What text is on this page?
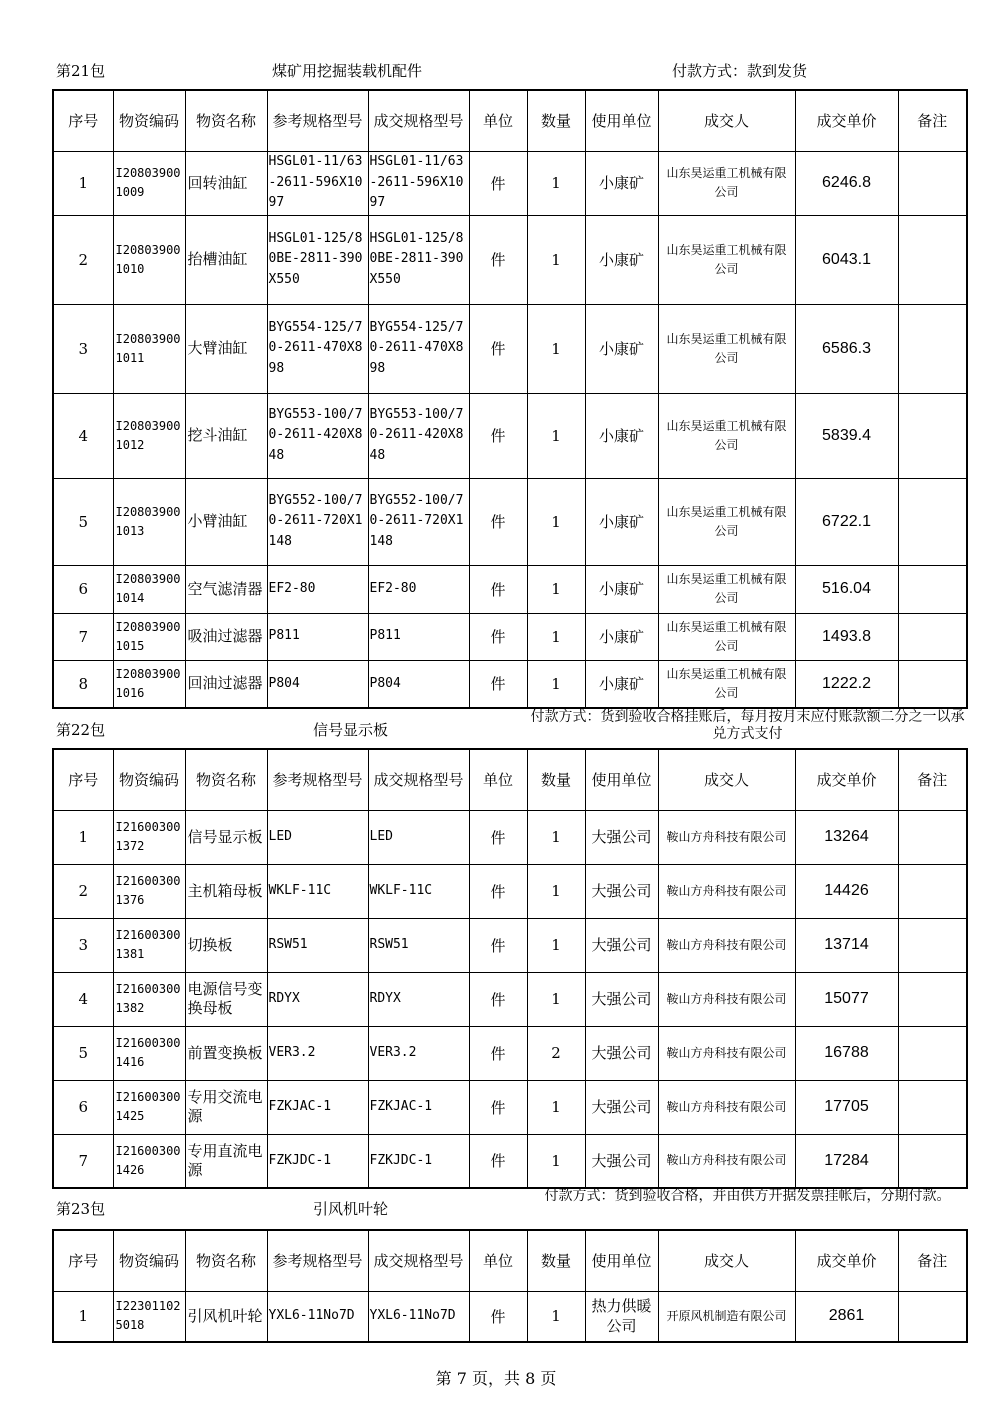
第21包	煤矿用挖掘装载机配件	付款方式：款到发货
序号	物资编码	物资名称	参考规格型号	成交规格型号	单位	数量	使用单位	成交人	成交单价	备注
1	I208039001009	回转油缸	HSGL01-11/63-2611-596X1097	HSGL01-11/63-2611-596X1097	件	1	小康矿	山东昊运重工机械有限公司	6246.8	
2	I208039001010	抬槽油缸	HSGL01-125/80BE-2811-390X550	HSGL01-125/80BE-2811-390X550	件	1	小康矿	山东昊运重工机械有限公司	6043.1	
3	I208039001011	大臂油缸	BYG554-125/70-2611-470X898	BYG554-125/70-2611-470X898	件	1	小康矿	山东昊运重工机械有限公司	6586.3	
4	I208039001012	挖斗油缸	BYG553-100/70-2611-420X848	BYG553-100/70-2611-420X848	件	1	小康矿	山东昊运重工机械有限公司	5839.4	
5	I208039001013	小臂油缸	BYG552-100/70-2611-720X1148	BYG552-100/70-2611-720X1148	件	1	小康矿	山东昊运重工机械有限公司	6722.1	
6	I208039001014	空气滤清器	EF2-80	EF2-80	件	1	小康矿	山东昊运重工机械有限公司	516.04	
7	I208039001015	吸油过滤器	P811	P811	件	1	小康矿	山东昊运重工机械有限公司	1493.8	
8	I208039001016	回油过滤器	P804	P804	件	1	小康矿	山东昊运重工机械有限公司	1222.2	
第22包	信号显示板
付款方式：货到验收合格挂账后，每月按月末应付账款额二分之一以承兑方式支付
序号	物资编码	物资名称	参考规格型号	成交规格型号	单位	数量	使用单位	成交人	成交单价	备注
1	I216003001372	信号显示板	LED	LED	件	1	大强公司	鞍山方舟科技有限公司	13264	
2	I216003001376	主机箱母板	WKLF-11C	WKLF-11C	件	1	大强公司	鞍山方舟科技有限公司	14426	
3	I216003001381	切换板	RSW51	RSW51	件	1	大强公司	鞍山方舟科技有限公司	13714	
4	I216003001382	电源信号变换母板	RDYX	RDYX	件	1	大强公司	鞍山方舟科技有限公司	15077	
5	I216003001416	前置变换板	VER3.2	VER3.2	件	2	大强公司	鞍山方舟科技有限公司	16788	
6	I216003001425	专用交流电源	FZKJAC-1	FZKJAC-1	件	1	大强公司	鞍山方舟科技有限公司	17705	
7	I216003001426	专用直流电源	FZKJDC-1	FZKJDC-1	件	1	大强公司	鞍山方舟科技有限公司	17284	
第23包	引风机叶轮
付款方式：货到验收合格，并由供方开据发票挂帐后，分期付款。
序号	物资编码	物资名称	参考规格型号	成交规格型号	单位	数量	使用单位	成交人	成交单价	备注
1	I223011025018	引风机叶轮	YXL6-11No7D	YXL6-11No7D	件	1	热力供暖公司	开原风机制造有限公司	2861	
第 7 页，共 8 页
